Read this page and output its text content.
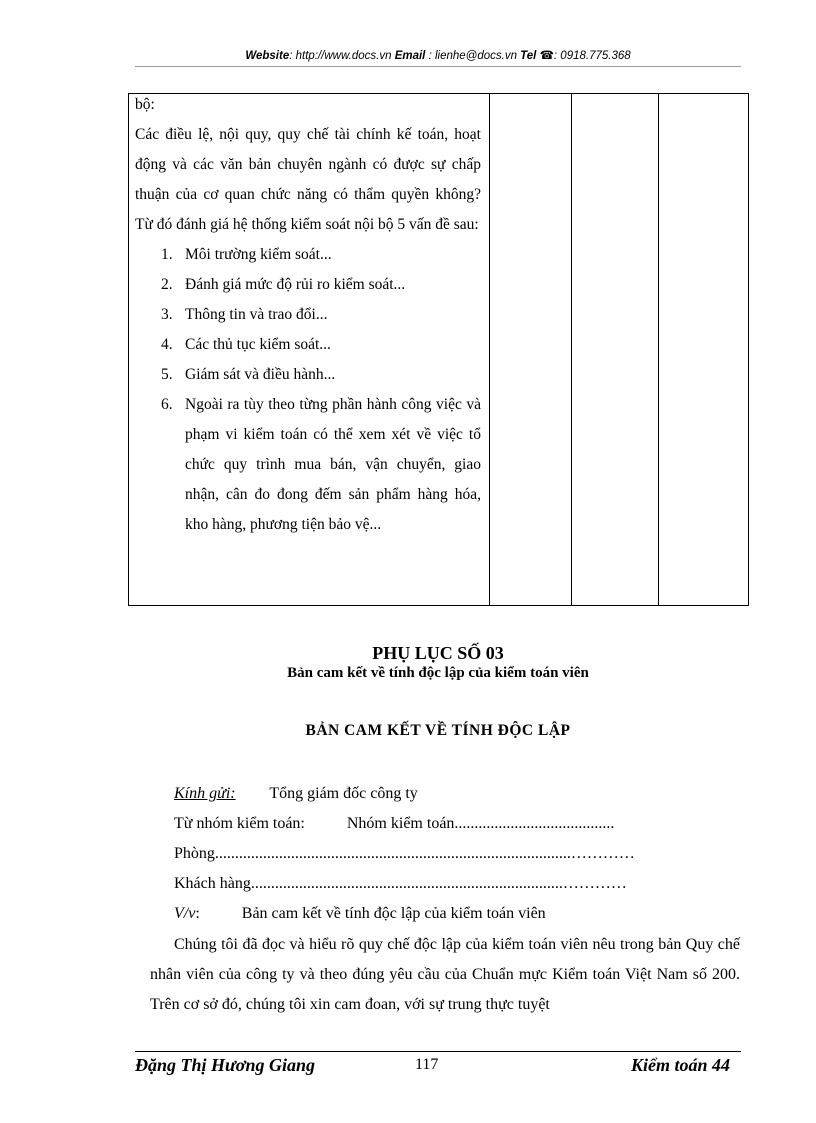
Website: http://www.docs.vn Email : lienhe@docs.vn Tel ☎: 0918.775.368

bộ:

Các điều lệ, nội quy, quy chế tài chính kế toán, hoạt động và các văn bản chuyên ngành có được sự chấp thuận của cơ quan chức năng có thẩm quyền không? Từ đó đánh giá hệ thống kiểm soát nội bộ 5 vấn đề sau:

1. Môi trường kiểm soát...
2. Đánh giá mức độ rủi ro kiểm soát...
3. Thông tin và trao đổi...
4. Các thủ tục kiểm soát...
5. Giám sát và điều hành...
6. Ngoài ra tùy theo từng phần hành công việc và phạm vi kiểm toán có thể xem xét về việc tổ chức quy trình mua bán, vận chuyển, giao nhận, cân đo đong đếm sản phẩm hàng hóa, kho hàng, phương tiện bảo vệ...

PHỤ LỤC SỐ 03
Bản cam kết về tính độc lập của kiểm toán viên
BẢN CAM KẾT VỀ TÍNH ĐỘC LẬP
Kính gửi: Tổng giám đốc công ty
Từ nhóm kiểm toán:	Nhóm kiểm toán........................................
Phòng.........................................................................................…………
Khách hàng..............................................................................…………
V/v:	Bản cam kết về tính độc lập của kiểm toán viên

Chúng tôi đã đọc và hiểu rõ quy chế độc lập của kiểm toán viên nêu trong bản Quy chế nhân viên của công ty và theo đúng yêu cầu của Chuẩn mực Kiểm toán Việt Nam số 200. Trên cơ sở đó, chúng tôi xin cam đoan, với sự trung thực tuyệt

Đặng Thị Hương Giang	117	Kiểm toán 44
